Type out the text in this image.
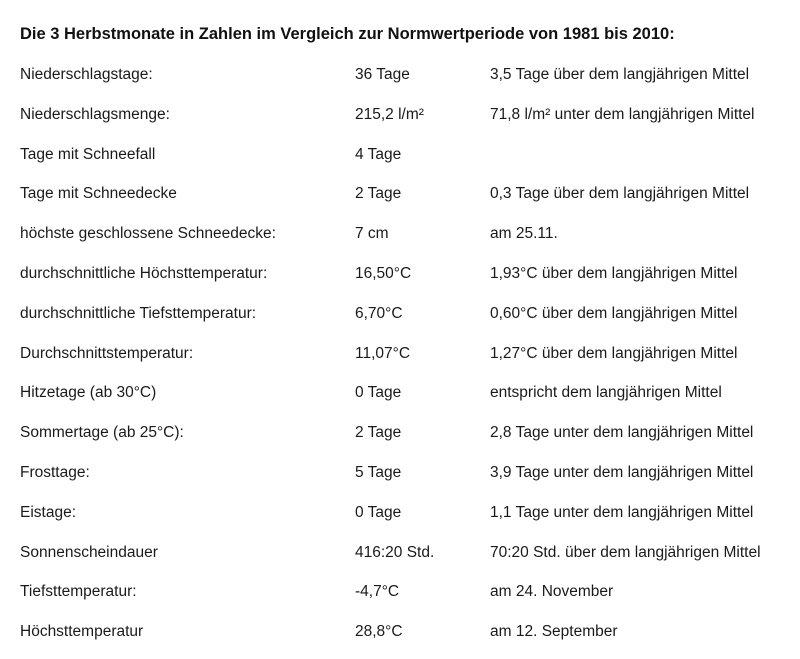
Die 3 Herbstmonate in Zahlen im Vergleich zur Normwertperiode von 1981 bis 2010:
Niederschlagstage:	36 Tage	3,5 Tage über dem langjährigen Mittel
Niederschlagsmenge:	215,2 l/m²	71,8 l/m² unter dem langjährigen Mittel
Tage mit Schneefall	4 Tage
Tage mit Schneedecke	2 Tage	0,3 Tage über dem langjährigen Mittel
höchste geschlossene Schneedecke:	7 cm	am 25.11.
durchschnittliche Höchsttemperatur:	16,50°C	1,93°C über dem langjährigen Mittel
durchschnittliche Tiefsttemperatur:	6,70°C	0,60°C über dem langjährigen Mittel
Durchschnittstemperatur:	11,07°C	1,27°C über dem langjährigen Mittel
Hitzetage (ab 30°C)	0 Tage	entspricht dem langjährigen Mittel
Sommertage (ab 25°C):	2 Tage	2,8 Tage unter dem langjährigen Mittel
Frosttage:	5 Tage	3,9 Tage unter dem langjährigen Mittel
Eistage:	0 Tage	1,1 Tage unter dem langjährigen Mittel
Sonnenscheindauer	416:20 Std.	70:20 Std. über dem langjährigen Mittel
Tiefsttemperatur:	-4,7°C	am 24. November
Höchsttemperatur	28,8°C	am 12. September
